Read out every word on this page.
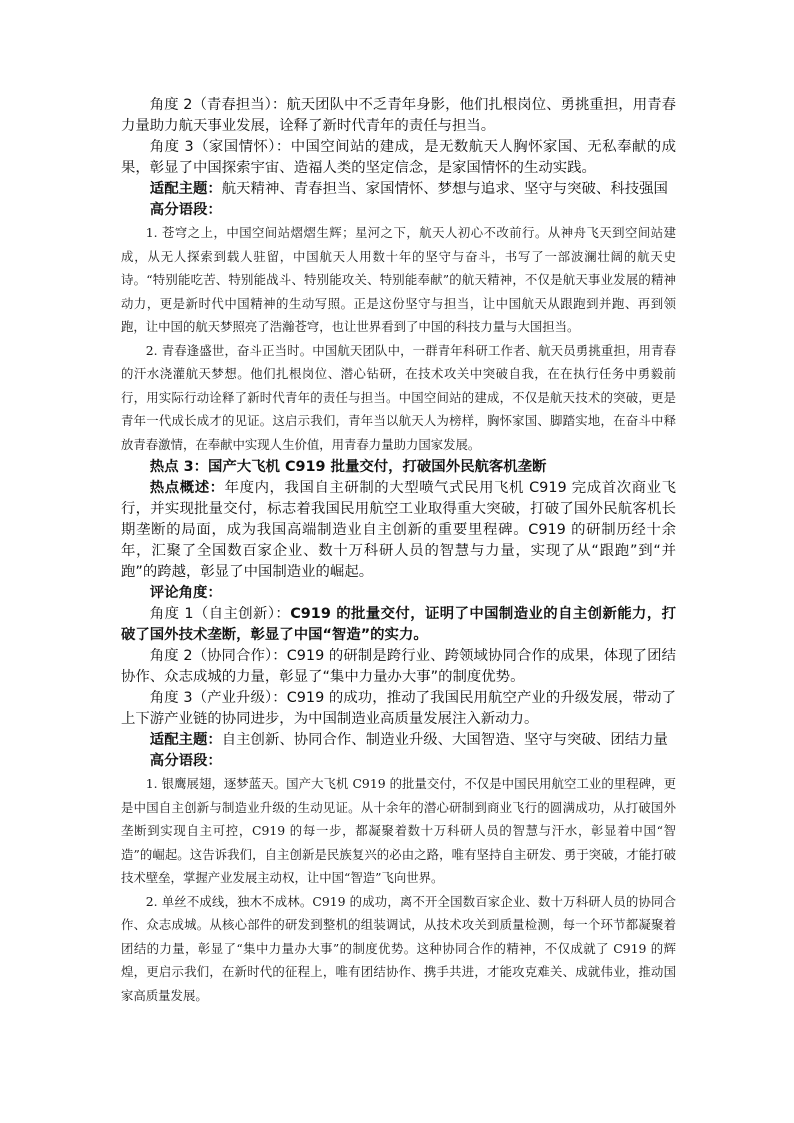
角度 2（青春担当）：航天团队中不乏青年身影，他们扎根岗位、勇挑重担，用青春力量助力航天事业发展，诠释了新时代青年的责任与担当。

角度 3（家国情怀）：中国空间站的建成，是无数航天人胸怀家国、无私奉献的成果，彰显了中国探索宇宙、造福人类的坚定信念，是家国情怀的生动实践。

适配主题：航天精神、青春担当、家国情怀、梦想与追求、坚守与突破、科技强国

高分语段：

1. 苍穹之上，中国空间站熠熠生辉；星河之下，航天人初心不改前行。从神舟飞天到空间站建成，从无人探索到载人驻留，中国航天人用数十年的坚守与奋斗，书写了一部波澜壮阔的航天史诗。“特别能吃苦、特别能战斗、特别能攻关、特别能奉献”的航天精神，不仅是航天事业发展的精神动力，更是新时代中国精神的生动写照。正是这份坚守与担当，让中国航天从跟跑到并跑、再到领跑，让中国的航天梦照亮了浩瀚苍穹，也让世界看到了中国的科技力量与大国担当。

2. 青春逢盛世，奋斗正当时。中国航天团队中，一群青年科研工作者、航天员勇挑重担，用青春的汗水浇灌航天梦想。他们扎根岗位、潜心钻研，在技术攻关中突破自我，在在执行任务中勇毅前行，用实际行动诠释了新时代青年的责任与担当。中国空间站的建成，不仅是航天技术的突破，更是青年一代成长成才的见证。这启示我们，青年当以航天人为榜样，胸怀家国、脚踏实地，在奋斗中释放青春激情，在奉献中实现人生价值，用青春力量助力国家发展。

热点 3：国产大飞机 C919 批量交付，打破国外民航客机垄断

热点概述：年度内，我国自主研制的大型喷气式民用飞机 C919 完成首次商业飞行，并实现批量交付，标志着我国民用航空工业取得重大突破，打破了国外民航客机长期垄断的局面，成为我国高端制造业自主创新的重要里程碑。C919 的研制历经十余年，汇聚了全国数百家企业、数十万科研人员的智慧与力量，实现了从“跟跑”到“并跑”的跨越，彰显了中国制造业的崛起。

评论角度：

角度 1（自主创新）：C919 的批量交付，证明了中国制造业的自主创新能力，打破了国外技术垄断，彰显了中国“智造”的实力。

角度 2（协同合作）：C919 的研制是跨行业、跨领域协同合作的成果，体现了团结协作、众志成城的力量，彰显了“集中力量办大事”的制度优势。

角度 3（产业升级）：C919 的成功，推动了我国民用航空产业的升级发展，带动了上下游产业链的协同进步，为中国制造业高质量发展注入新动力。

适配主题：自主创新、协同合作、制造业升级、大国智造、坚守与突破、团结力量

高分语段：

1. 银鹰展翅，逐梦蓝天。国产大飞机 C919 的批量交付，不仅是中国民用航空工业的里程碑，更是中国自主创新与制造业升级的生动见证。从十余年的潜心研制到商业飞行的圆满成功，从打破国外垄断到实现自主可控，C919 的每一步，都凝聚着数十万科研人员的智慧与汗水，彰显着中国“智造”的崛起。这告诉我们，自主创新是民族复兴的必由之路，唯有坚持自主研发、勇于突破，才能打破技术壁垒，掌握产业发展主动权，让中国“智造”飞向世界。

2. 单丝不成线，独木不成林。C919 的成功，离不开全国数百家企业、数十万科研人员的协同合作、众志成城。从核心部件的研发到整机的组装调试，从技术攻关到质量检测，每一个环节都凝聚着团结的力量，彰显了“集中力量办大事”的制度优势。这种协同合作的精神，不仅成就了 C919 的辉煌，更启示我们，在新时代的征程上，唯有团结协作、携手共进，才能攻克难关、成就伟业，推动国家高质量发展。
